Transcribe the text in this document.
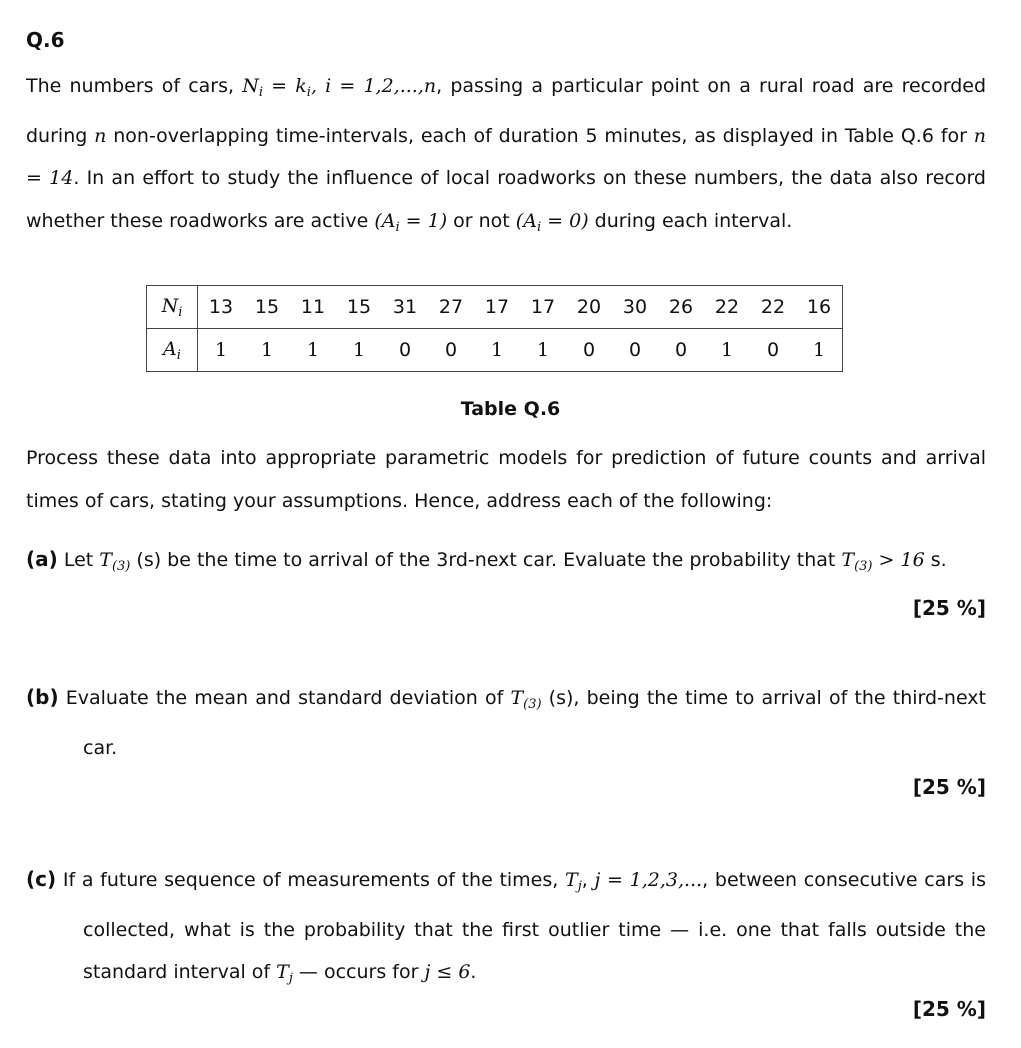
Q.6
The numbers of cars, $N_i = k_i$, i = 1,2,...,n, passing a particular point on a rural road are recorded during n non-overlapping time-intervals, each of duration 5 minutes, as displayed in Table Q.6 for n = 14. In an effort to study the influence of local roadworks on these numbers, the data also record whether these roadworks are active $(A_i = 1)$ or not $(A_i = 0)$ during each interval.
$N_i$	13	15	11	15	31	27	17	17	20	30	26	22	22	16
$A_i$	1	1	1	1	0	0	1	1	0	0	0	1	0	1
Table Q.6
Process these data into appropriate parametric models for prediction of future counts and arrival times of cars, stating your assumptions. Hence, address each of the following:
(a) Let $T_{(3)}$ (s) be the time to arrival of the 3rd-next car. Evaluate the probability that $T_{(3)} > 16$ s.
[25 %]
(b) Evaluate the mean and standard deviation of $T_{(3)}$ (s), being the time to arrival of the third-next car.
[25 %]
(c) If a future sequence of measurements of the times, $T_j$, j = 1,2,3,..., between consecutive cars is collected, what is the probability that the first outlier time — i.e. one that falls outside the standard interval of $T_j$ — occurs for j ≤ 6.
[25 %]
